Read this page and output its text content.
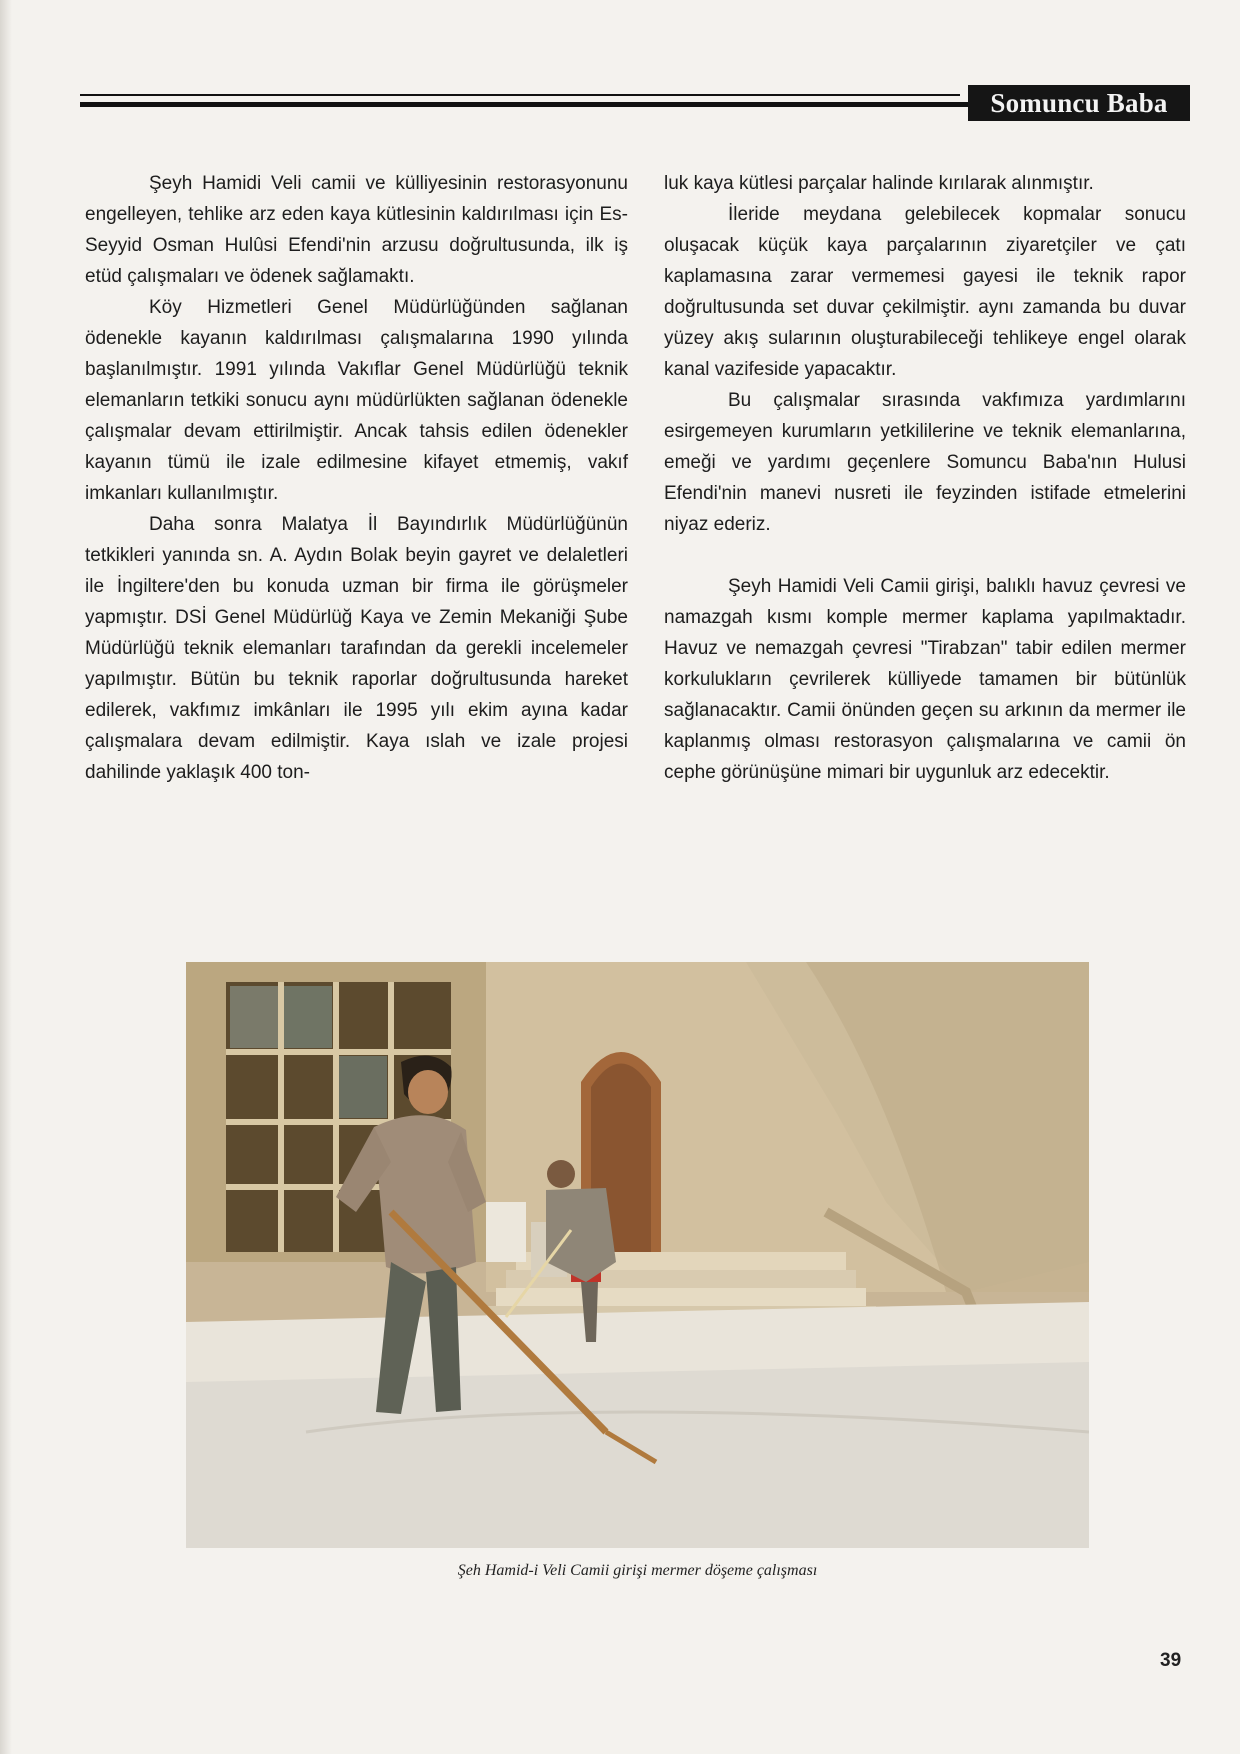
Somuncu Baba

Şeyh Hamidi Veli camii ve külliyesinin restorasyonunu engelleyen, tehlike arz eden kaya kütlesinin kaldırılması için Es-Seyyid Osman Hulûsi Efendi'nin arzusu doğrultusunda, ilk iş etüd çalışmaları ve ödenek sağlamaktı.

Köy Hizmetleri Genel Müdürlüğünden sağlanan ödenekle kayanın kaldırılması çalışmalarına 1990 yılında başlanılmıştır. 1991 yılında Vakıflar Genel Müdürlüğü teknik elemanların tetkiki sonucu aynı müdürlükten sağlanan ödenekle çalışmalar devam ettirilmiştir. Ancak tahsis edilen ödenekler kayanın tümü ile izale edilmesine kifayet etmemiş, vakıf imkanları kullanılmıştır.

Daha sonra Malatya İl Bayındırlık Müdürlüğünün tetkikleri yanında sn. A. Aydın Bolak beyin gayret ve delaletleri ile İngiltere'den bu konuda uzman bir firma ile görüşmeler yapmıştır. DSİ Genel Müdürlüğ Kaya ve Zemin Mekaniği Şube Müdürlüğü teknik elemanları tarafından da gerekli incelemeler yapılmıştır. Bütün bu teknik raporlar doğrultusunda hareket edilerek, vakfımız imkânları ile 1995 yılı ekim ayına kadar çalışmalara devam edilmiştir. Kaya ıslah ve izale projesi dahilinde yaklaşık 400 ton-

luk kaya kütlesi parçalar halinde kırılarak alınmıştır.

İleride meydana gelebilecek kopmalar sonucu oluşacak küçük kaya parçalarının ziyaretçiler ve çatı kaplamasına zarar vermemesi gayesi ile teknik rapor doğrultusunda set duvar çekilmiştir. aynı zamanda bu duvar yüzey akış sularının oluşturabileceği tehlikeye engel olarak kanal vazifeside yapacaktır.

Bu çalışmalar sırasında vakfımıza yardımlarını esirgemeyen kurumların yetkililerine ve teknik elemanlarına, emeği ve yardımı geçenlere Somuncu Baba'nın Hulusi Efendi'nin manevi nusreti ile feyzinden istifade etmelerini niyaz ederiz.

Şeyh Hamidi Veli Camii girişi, balıklı havuz çevresi ve namazgah kısmı komple mermer kaplama yapılmaktadır. Havuz ve nemazgah çevresi "Tirabzan" tabir edilen mermer korkulukların çevrilerek külliyede tamamen bir bütünlük sağlanacaktır. Camii önünden geçen su arkının da mermer ile kaplanmış olması restorasyon çalışmalarına ve camii ön cephe görünüşüne mimari bir uygunluk arz edecektir.

Şeh Hamid-i Veli Camii girişi mermer döşeme çalışması
39
